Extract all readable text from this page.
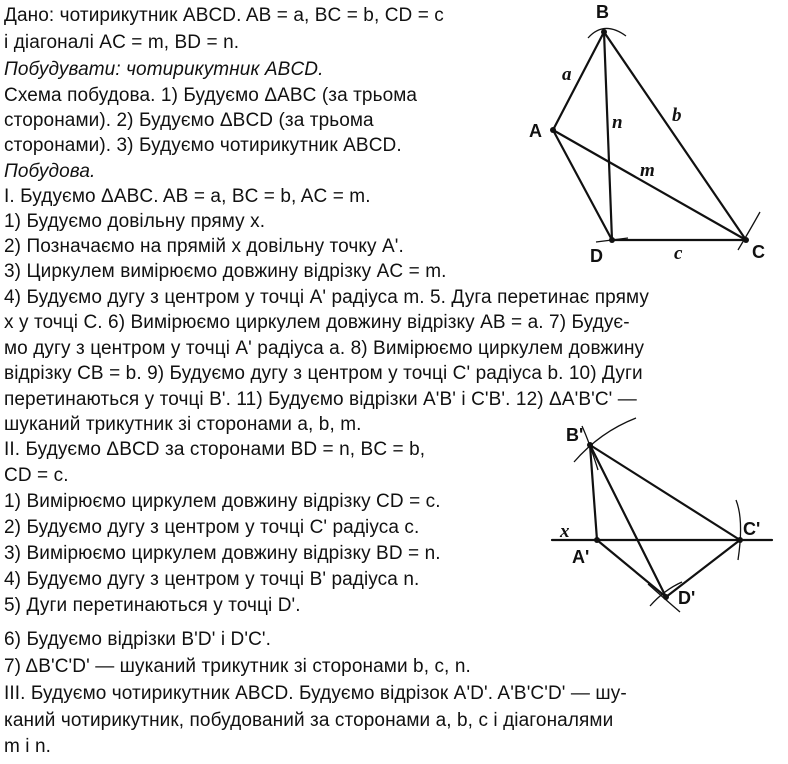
Дано: чотирикутник ABCD. AB = a, BC = b, CD = c
і діагоналі AC = m, BD = n.
Побудувати: чотирикутник ABCD.
Схема побудова. 1) Будуємо ΔABC (за трьома
сторонами). 2) Будуємо ΔBCD (за трьома
сторонами). 3) Будуємо чотирикутник ABCD.
Побудова.
І. Будуємо ΔABC. AB = a, BC = b, AC = m.
1) Будуємо довільну пряму x.
2) Позначаємо на прямій x довільну точку A'.
3) Циркулем вимірюємо довжину відрізку AC = m.
4) Будуємо дугу з центром у точці A' радіуса m. 5. Дуга перетинає пряму
x у точці C. 6) Вимірюємо циркулем довжину відрізку AB = a. 7) Будує-
мо дугу з центром у точці A' радіуса a. 8) Вимірюємо циркулем довжину
відрізку CB = b. 9) Будуємо дугу з центром у точці C' радіуса b. 10) Дуги
перетинаються у точці B'. 11) Будуємо відрізки A'B' і C'B'. 12) ΔA'B'C' —
шуканий трикутник зі сторонами a, b, m.
ІІ. Будуємо ΔBCD за сторонами BD = n, BC = b,
CD = c.
1) Вимірюємо циркулем довжину відрізку CD = c.
2) Будуємо дугу з центром у точці C' радіуса c.
3) Вимірюємо циркулем довжину відрізку BD = n.
4) Будуємо дугу з центром у точці B' радіуса n.
5) Дуги перетинаються у точці D'.
6) Будуємо відрізки B'D' і D'C'.
7) ΔB'C'D' — шуканий трикутник зі сторонами b, c, n.
ІІІ. Будуємо чотирикутник ABCD. Будуємо відрізок A'D'. A'B'C'D' — шу-
каний чотирикутник, побудований за сторонами a, b, c і діагоналями
m і n.
B
A
C
D
a
b
n
m
c
B'
A'
C'
D'
x
